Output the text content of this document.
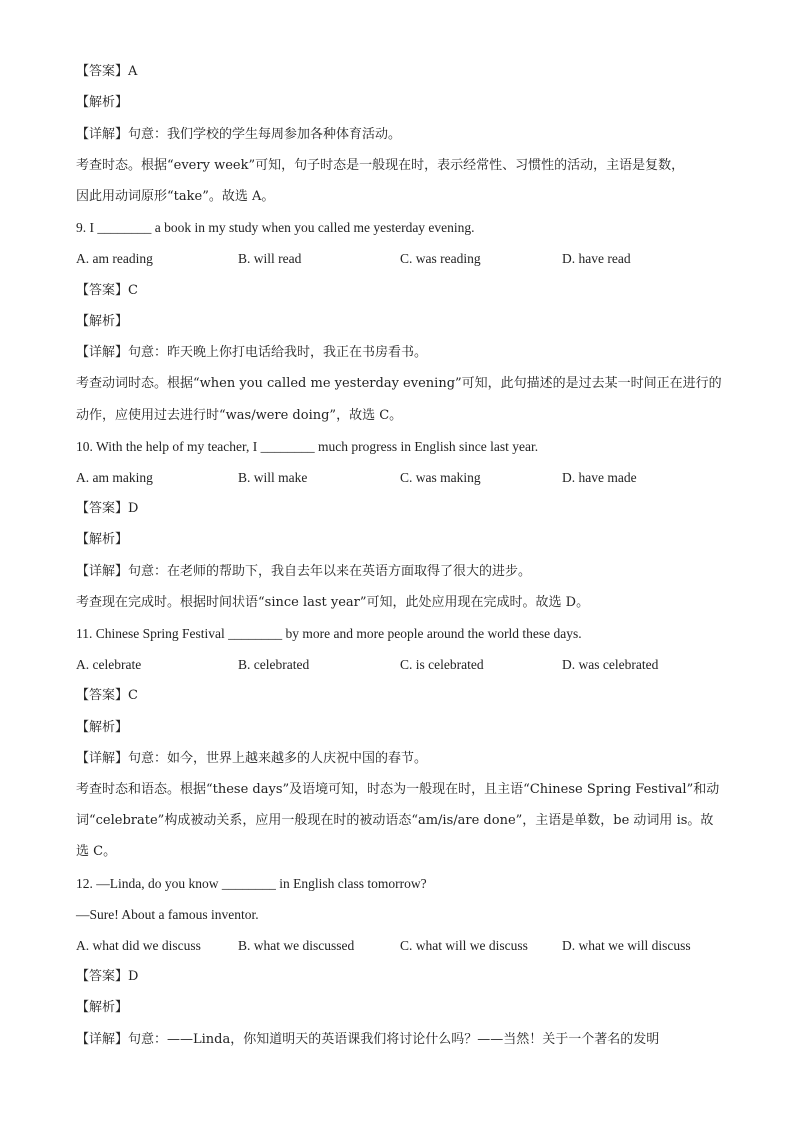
【答案】A
【解析】
【详解】句意：我们学校的学生每周参加各种体育活动。
考查时态。根据“every week”可知，句子时态是一般现在时，表示经常性、习惯性的活动，主语是复数，
因此用动词原形“take”。故选 A。
9. I ________ a book in my study when you called me yesterday evening.
A. am reading	B. will read	C. was reading	D. have read
【答案】C
【解析】
【详解】句意：昨天晚上你打电话给我时，我正在书房看书。
考查动词时态。根据“when you called me yesterday evening”可知，此句描述的是过去某一时间正在进行的
动作，应使用过去进行时“was/were doing”，故选 C。
10. With the help of my teacher, I ________ much progress in English since last year.
A. am making	B. will make	C. was making	D. have made
【答案】D
【解析】
【详解】句意：在老师的帮助下，我自去年以来在英语方面取得了很大的进步。
考查现在完成时。根据时间状语“since last year”可知，此处应用现在完成时。故选 D。
11. Chinese Spring Festival ________ by more and more people around the world these days.
A. celebrate	B. celebrated	C. is celebrated	D. was celebrated
【答案】C
【解析】
【详解】句意：如今，世界上越来越多的人庆祝中国的春节。
考查时态和语态。根据“these days”及语境可知，时态为一般现在时，且主语“Chinese Spring Festival”和动
词“celebrate”构成被动关系，应用一般现在时的被动语态“am/is/are done”，主语是单数，be 动词用 is。故
选 C。
12. —Linda, do you know ________ in English class tomorrow?
—Sure! About a famous inventor.
A. what did we discuss	B. what we discussed	C. what will we discuss	D. what we will discuss
【答案】D
【解析】
【详解】句意：——Linda，你知道明天的英语课我们将讨论什么吗？——当然！关于一个著名的发明
